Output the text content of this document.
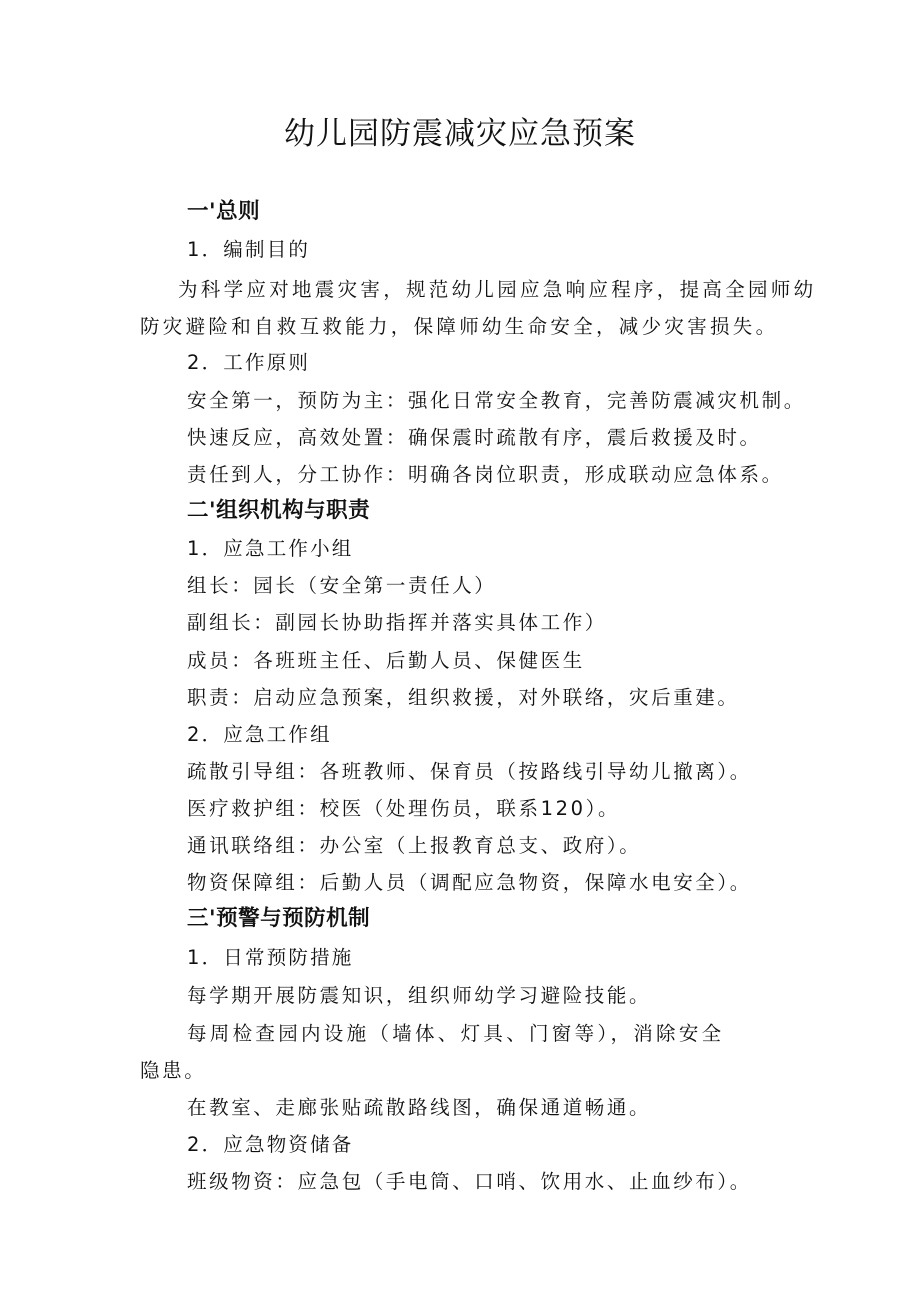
幼儿园防震减灾应急预案
一'总则
1．编制目的
为科学应对地震灾害，规范幼儿园应急响应程序，提高全园师幼
防灾避险和自救互救能力，保障师幼生命安全，减少灾害损失。
2．工作原则
安全第一，预防为主：强化日常安全教育，完善防震减灾机制。
快速反应，高效处置：确保震时疏散有序，震后救援及时。
责任到人，分工协作：明确各岗位职责，形成联动应急体系。
二'组织机构与职责
1．应急工作小组
组长：园长（安全第一责任人）
副组长：副园长协助指挥并落实具体工作）
成员：各班班主任、后勤人员、保健医生
职责：启动应急预案，组织救援，对外联络，灾后重建。
2．应急工作组
疏散引导组：各班教师、保育员（按路线引导幼儿撤离）。
医疗救护组：校医（处理伤员，联系120）。
通讯联络组：办公室（上报教育总支、政府）。
物资保障组：后勤人员（调配应急物资，保障水电安全）。
三'预警与预防机制
1．日常预防措施
每学期开展防震知识，组织师幼学习避险技能。
每周检查园内设施（墙体、灯具、门窗等），消除安全
隐患。
在教室、走廊张贴疏散路线图，确保通道畅通。
2．应急物资储备
班级物资：应急包（手电筒、口哨、饮用水、止血纱布）。
